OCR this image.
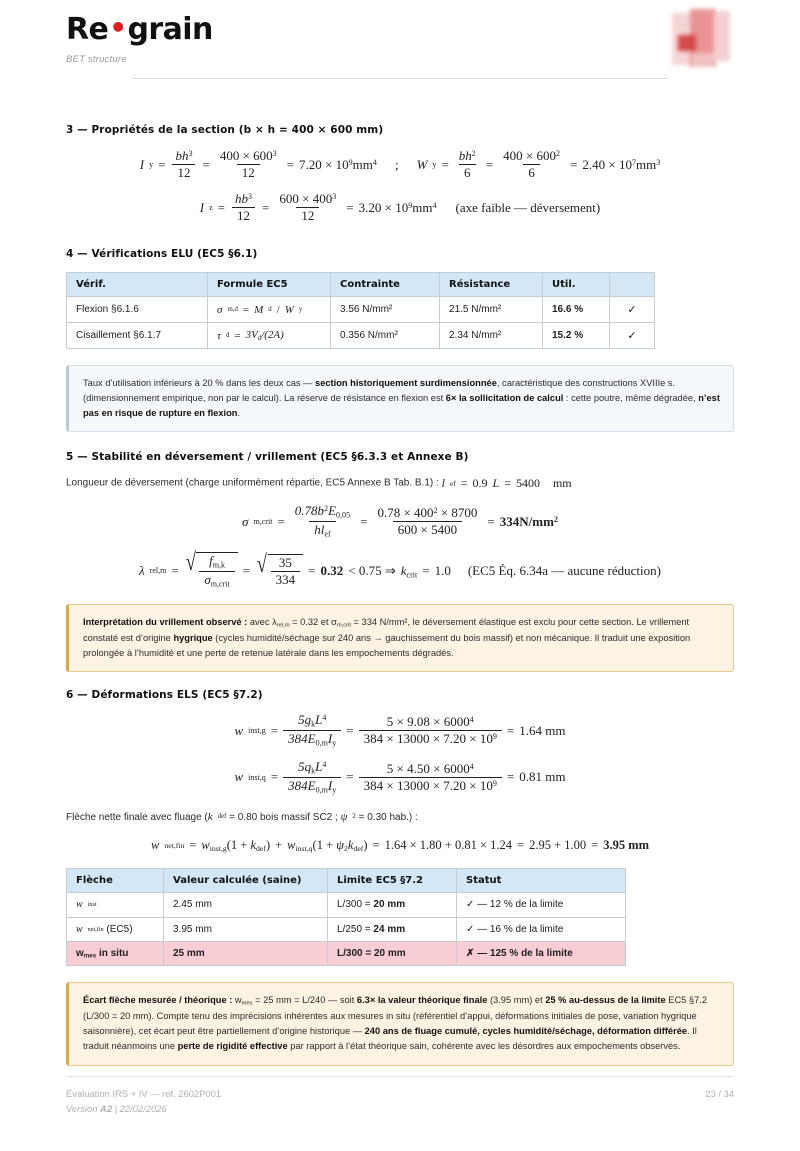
Re•grain
BET structure
3 — Propriétés de la section (b × h = 400 × 600 mm)
I $y = \frac{bh^3}{12} = \frac{400 \times 600^3}{12} = 7.20 \times 10^9mm^4$ ; W $y = \frac{bh^2}{6} = \frac{400 \times 600^2}{6} = 2.40 \times 10^7mm^3$
I $z = \frac{hb^3}{12} = \frac{600 \times 400^3}{12} = 3.20 \times 10^9mm^4$	(axe faible — déversement)
4 — Vérifications ELU (EC5 §6.1)
Vérif.	Formule EC5	Contrainte	Résistance	Util.	
Flexion §6.1.6	σ m,d = M d / W y	3.56 N/mm²	21.5 N/mm²	16.6 %	✓
Cisaillement §6.1.7	τ $d = 3V_d/(2A)$	0.356 N/mm²	2.34 N/mm²	15.2 %	✓
Taux d’utilisation inférieurs à 20 % dans les deux cas — section historiquement surdimensionnée, caractéristique des constructions XVIIIe s. (dimensionnement empirique, non par le calcul). La réserve de résistance en flexion est 6× la sollicitation de calcul : cette poutre, même dégradée, n’est pas en risque de rupture en flexion.
5 — Stabilité en déversement / vrillement (EC5 §6.3.3 et Annexe B)
Longueur de déversement (charge uniformément répartie, EC5 Annexe B Tab. B.1) : l ef = 0.9 L = 5400
mm
σ m,crit = $\frac{0.78b^2E_{0,05}}{hl_{ef}} = \frac{0.78 \times 400^2 \times 8700}{600 \times 5400} = 334N/mm^2$
λ rel,m = √ $\frac{f_{m,k}}{\sigma_{m,crit}}$ = √ $\frac{35}{334} = 0.32 < 0.75$ ⇒ $k_{crit} = 1.0$	(EC5 Éq. 6.34a — aucune réduction)
Interprétation du vrillement observé : avec $\lambda_{rel,m} = 0.32$ et $\sigma_{m,crit} = 334$ N/mm², le déversement élastique est exclu pour cette section. Le vrillement constaté est d’origine hygrique (cycles humidité/séchage sur 240 ans → gauchissement du bois massif) et non mécanique. Il traduit une exposition prolongée à l’humidité et une perte de retenue latérale dans les empochements dégradés.
6 — Déformations ELS (EC5 §7.2)
w inst,g = $\frac{5g_kL^4}{384E_{0,m}I_y} = \frac{5 \times 9.08 \times 6000^4}{384 \times 13000 \times 7.20 \times 10^9} = 1.64$ mm
w inst,q = $\frac{5q_kL^4}{384E_{0,m}I_y} = \frac{5 \times 4.50 \times 6000^4}{384 \times 13000 \times 7.20 \times 10^9} = 0.81$ mm
Flèche nette finale avec fluage ( k def = 0.80 bois massif SC2 ; ψ 2 = 0.30 hab.) :
w $net,fin = w_{inst,g}(1 + k_{def}) + w_{inst,q}(1 + \psi_2k_{def}) = 1.64 \times 1.80 + 0.81 \times 1.24 = 2.95 + 1.00 = 3.95$ mm
Flèche	Valeur calculée (saine)	Limite EC5 §7.2	Statut

w inst	2.45 mm	L/300 = 20 mm	✓ — 12 % de la limite

w net,fin (EC5)	3.95 mm	L/250 = 24 mm	✓ — 16 % de la limite
$w_{mes}$ in situ	25 mm	L/300 = 20 mm	✗ — 125 % de la limite
Écart flèche mesurée / théorique : $w_{mes} = 25$ mm = L/240 — soit 6.3× la valeur théorique finale (3.95 mm) et 25 % au-dessus de la limite EC5 §7.2 (L/300 = 20 mm). Compte tenu des imprécisions inhérentes aux mesures in situ (référentiel d’appui, déformations initiales de pose, variation hygrique saisonnière), cet écart peut être partiellement d’origine historique — 240 ans de fluage cumulé, cycles humidité/séchage, déformation différée. Il traduit néanmoins une perte de rigidité effective par rapport à l’état théorique sain, cohérente avec les désordres aux empochements observés.
Évaluation IRS + IV — ref. 2602P001	23 / 34
Version A2 | 22/02/2026
